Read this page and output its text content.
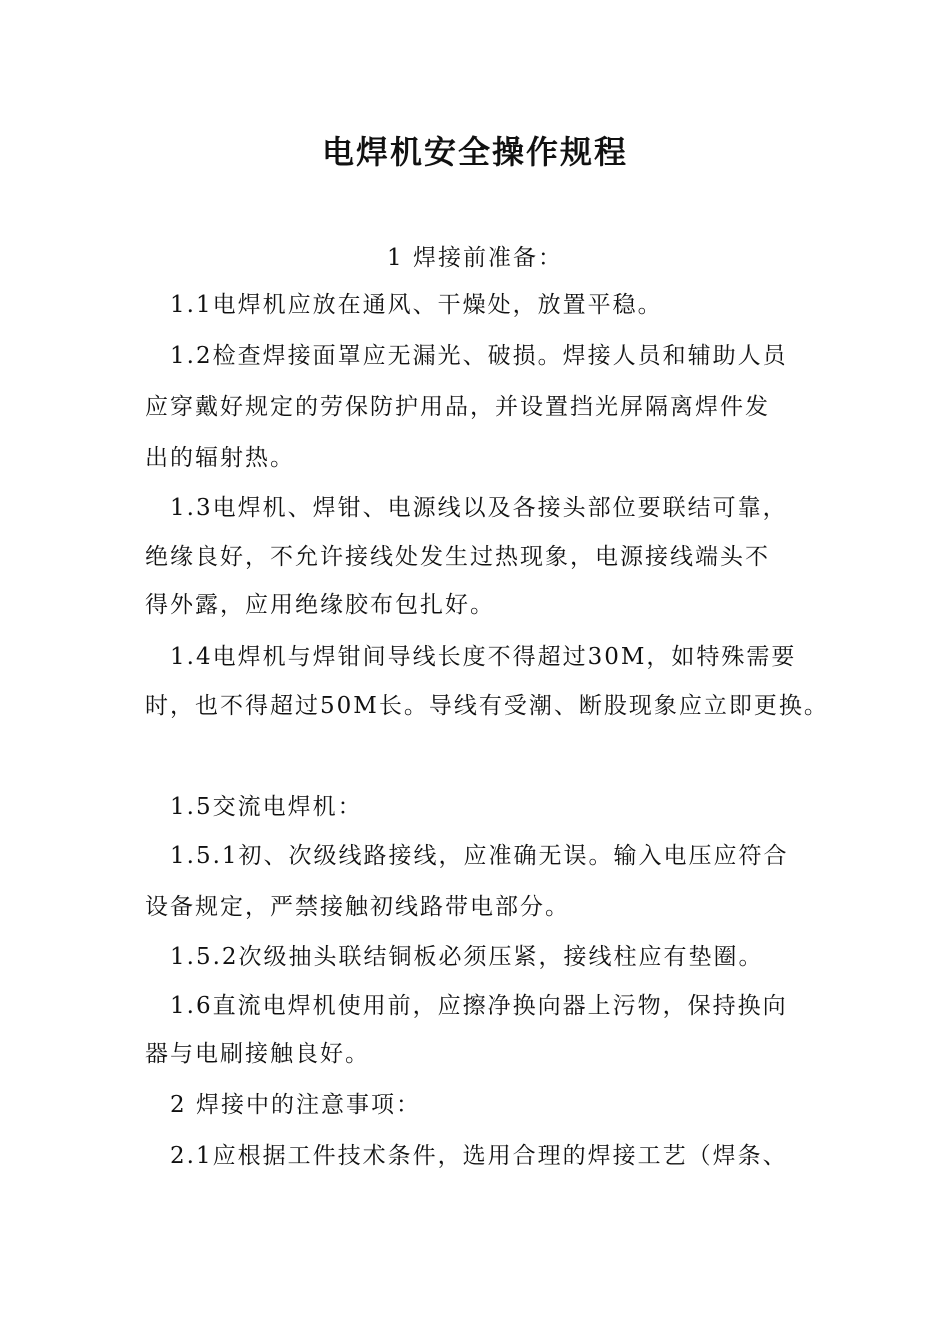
电焊机安全操作规程
1 焊接前准备：
1.1电焊机应放在通风、干燥处，放置平稳。
1.2检查焊接面罩应无漏光、破损。焊接人员和辅助人员
应穿戴好规定的劳保防护用品，并设置挡光屏隔离焊件发
出的辐射热。
1.3电焊机、焊钳、电源线以及各接头部位要联结可靠，
绝缘良好，不允许接线处发生过热现象，电源接线端头不
得外露，应用绝缘胶布包扎好。
1.4电焊机与焊钳间导线长度不得超过30M，如特殊需要
时，也不得超过50M长。导线有受潮、断股现象应立即更换。
1.5交流电焊机：
1.5.1初、次级线路接线，应准确无误。输入电压应符合
设备规定，严禁接触初线路带电部分。
1.5.2次级抽头联结铜板必须压紧，接线柱应有垫圈。
1.6直流电焊机使用前，应擦净换向器上污物，保持换向
器与电刷接触良好。
2 焊接中的注意事项：
2.1应根据工件技术条件，选用合理的焊接工艺（焊条、
